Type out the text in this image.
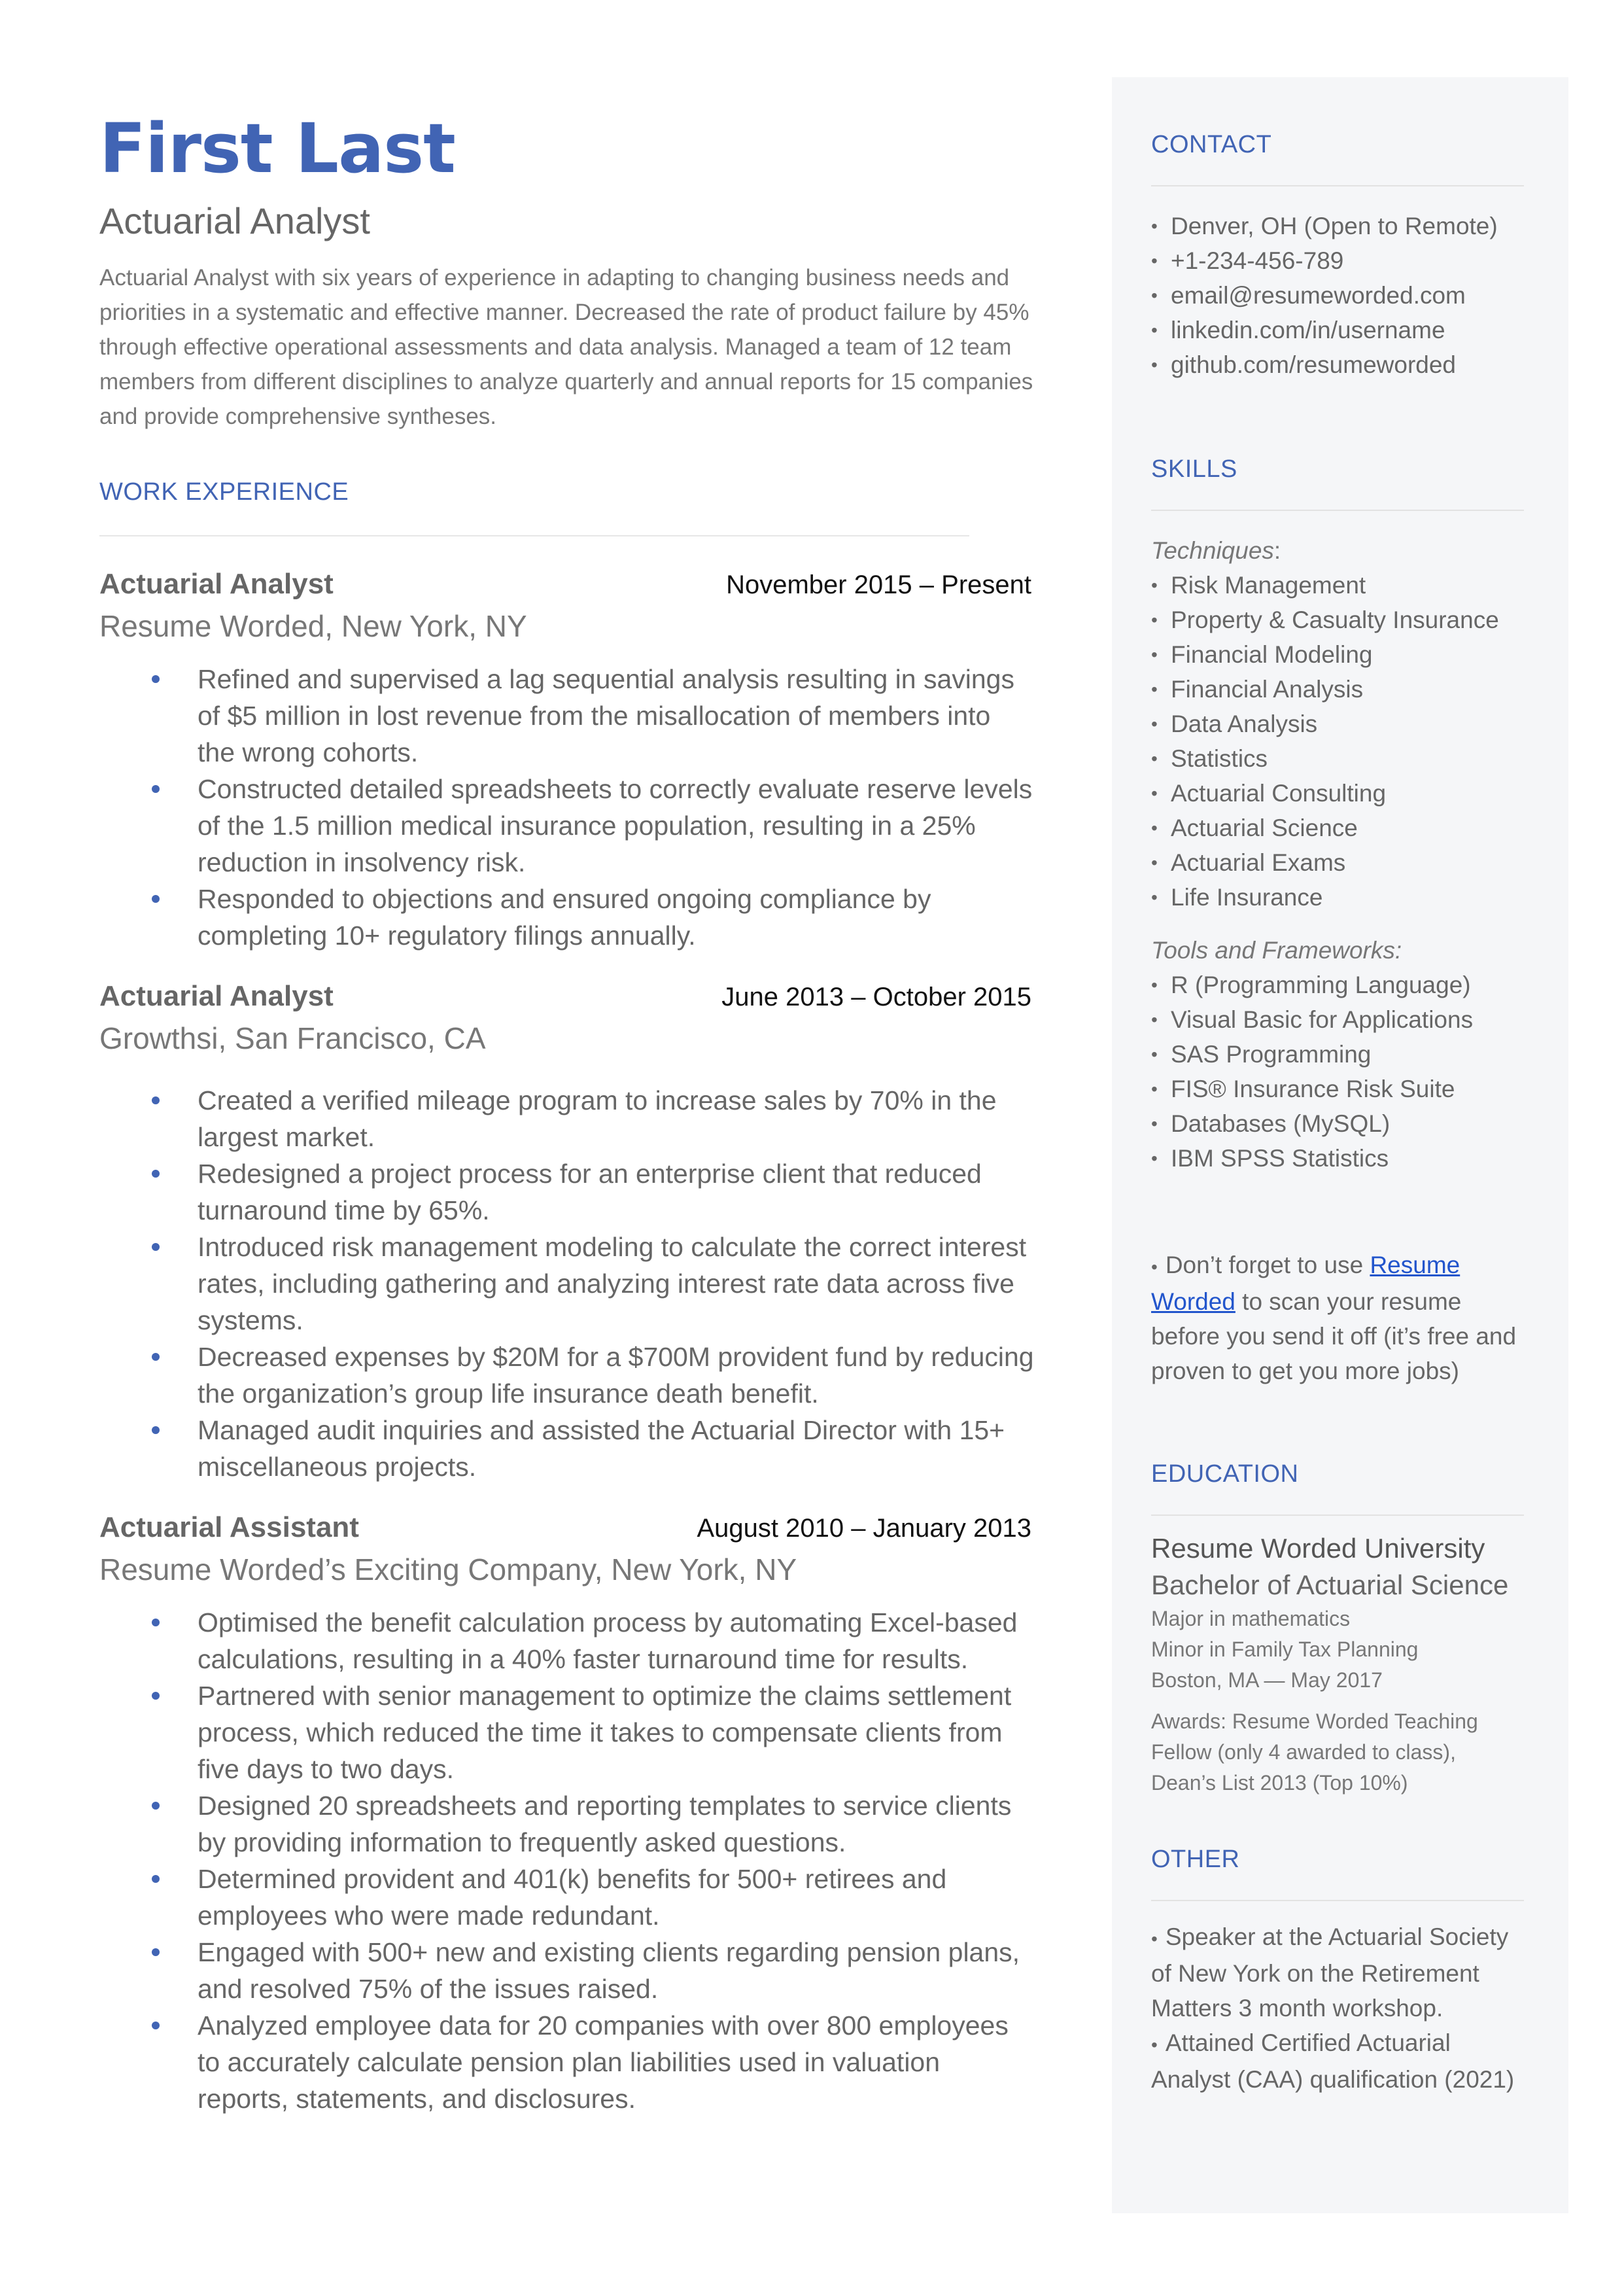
First Last
Actuarial Analyst

Actuarial Analyst with six years of experience in adapting to changing business needs and priorities in a systematic and effective manner. Decreased the rate of product failure by 45% through effective operational assessments and data analysis. Managed a team of 12 team members from different disciplines to analyze quarterly and annual reports for 15 companies and provide comprehensive syntheses.

WORK EXPERIENCE
Actuarial Analyst	November 2015 – Present
Resume Worded, New York, NY
Refined and supervised a lag sequential analysis resulting in savings of $5 million in lost revenue from the misallocation of members into the wrong cohorts.
Constructed detailed spreadsheets to correctly evaluate reserve levels of the 1.5 million medical insurance population, resulting in a 25% reduction in insolvency risk.
Responded to objections and ensured ongoing compliance by completing 10+ regulatory filings annually.
Actuarial Analyst	June 2013 – October 2015
Growthsi, San Francisco, CA
Created a verified mileage program to increase sales by 70% in the largest market.
Redesigned a project process for an enterprise client that reduced turnaround time by 65%.
Introduced risk management modeling to calculate the correct interest rates, including gathering and analyzing interest rate data across five systems.
Decreased expenses by $20M for a $700M provident fund by reducing the organization’s group life insurance death benefit.
Managed audit inquiries and assisted the Actuarial Director with 15+ miscellaneous projects.
Actuarial Assistant	August 2010 – January 2013
Resume Worded’s Exciting Company, New York, NY
Optimised the benefit calculation process by automating Excel-based calculations, resulting in a 40% faster turnaround time for results.
Partnered with senior management to optimize the claims settlement process, which reduced the time it takes to compensate clients from five days to two days.
Designed 20 spreadsheets and reporting templates to service clients by providing information to frequently asked questions.
Determined provident and 401(k) benefits for 500+ retirees and employees who were made redundant.
Engaged with 500+ new and existing clients regarding pension plans, and resolved 75% of the issues raised.
Analyzed employee data for 20 companies with over 800 employees to accurately calculate pension plan liabilities used in valuation reports, statements, and disclosures.
CONTACT
• Denver, OH (Open to Remote)
• +1-234-456-789
• email@resumeworded.com
• linkedin.com/in/username
• github.com/resumeworded
SKILLS
Techniques:
• Risk Management
• Property & Casualty Insurance
• Financial Modeling
• Financial Analysis
• Data Analysis
• Statistics
• Actuarial Consulting
• Actuarial Science
• Actuarial Exams
• Life Insurance
Tools and Frameworks:
• R (Programming Language)
• Visual Basic for Applications
• SAS Programming
• FIS® Insurance Risk Suite
• Databases (MySQL)
• IBM SPSS Statistics
• Don’t forget to use Resume Worded to scan your resume before you send it off (it’s free and proven to get you more jobs)
EDUCATION
Resume Worded University
Bachelor of Actuarial Science
Major in mathematics
Minor in Family Tax Planning
Boston, MA — May 2017
Awards: Resume Worded Teaching Fellow (only 4 awarded to class), Dean’s List 2013 (Top 10%)
OTHER
• Speaker at the Actuarial Society of New York on the Retirement Matters 3 month workshop.
• Attained Certified Actuarial Analyst (CAA) qualification (2021)
